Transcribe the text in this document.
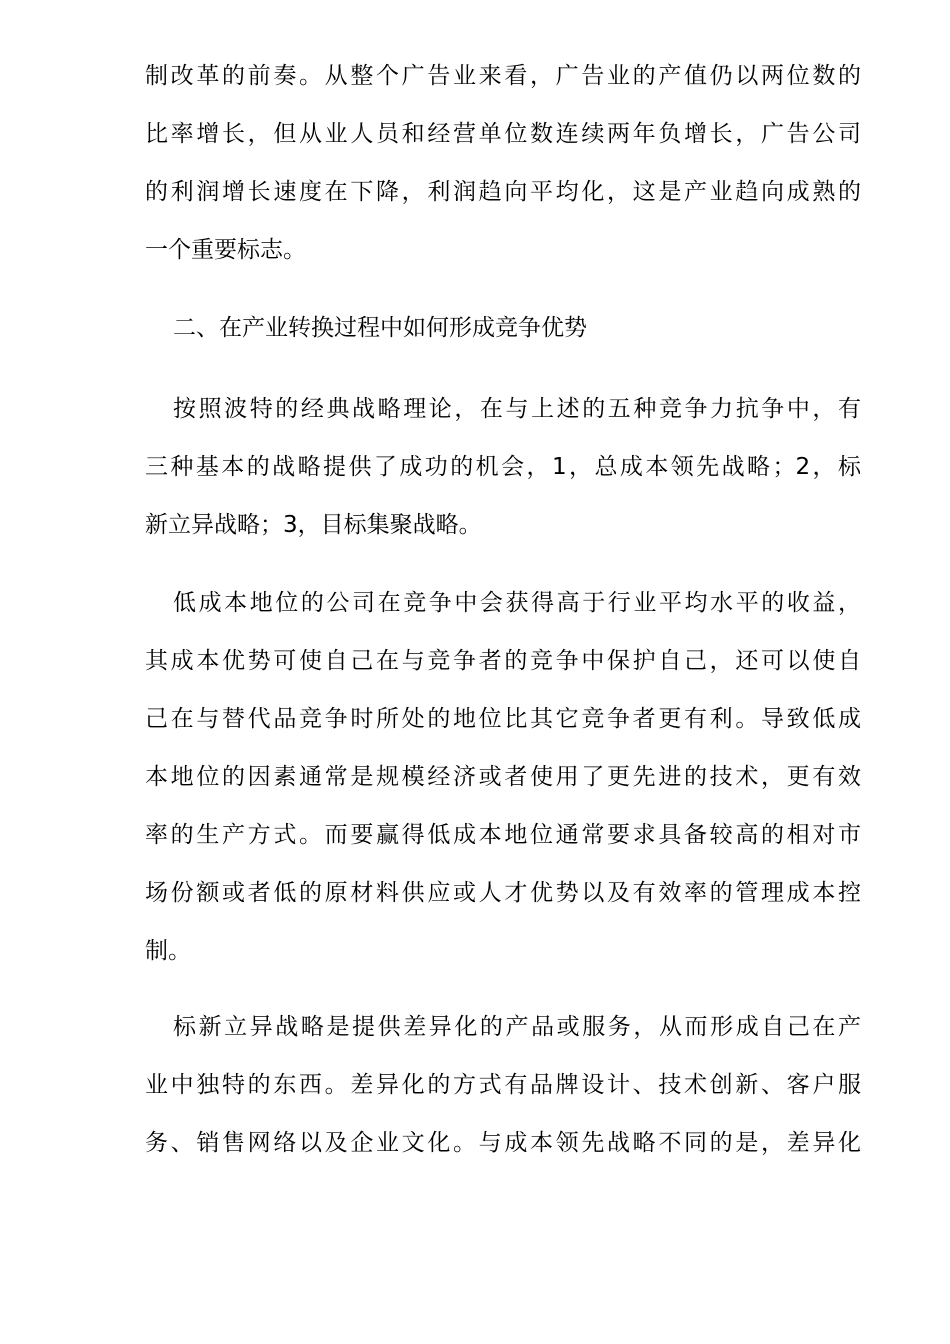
制改革的前奏。从整个广告业来看，广告业的产值仍以两位数的
比率增长，但从业人员和经营单位数连续两年负增长，广告公司
的利润增长速度在下降，利润趋向平均化，这是产业趋向成熟的
一个重要标志。
二、在产业转换过程中如何形成竞争优势
按照波特的经典战略理论，在与上述的五种竞争力抗争中，有
三种基本的战略提供了成功的机会，1，总成本领先战略；2，标
新立异战略；3，目标集聚战略。
低成本地位的公司在竞争中会获得高于行业平均水平的收益，
其成本优势可使自己在与竞争者的竞争中保护自己，还可以使自
己在与替代品竞争时所处的地位比其它竞争者更有利。导致低成
本地位的因素通常是规模经济或者使用了更先进的技术，更有效
率的生产方式。而要赢得低成本地位通常要求具备较高的相对市
场份额或者低的原材料供应或人才优势以及有效率的管理成本控
制。
标新立异战略是提供差异化的产品或服务，从而形成自己在产
业中独特的东西。差异化的方式有品牌设计、技术创新、客户服
务、销售网络以及企业文化。与成本领先战略不同的是，差异化
